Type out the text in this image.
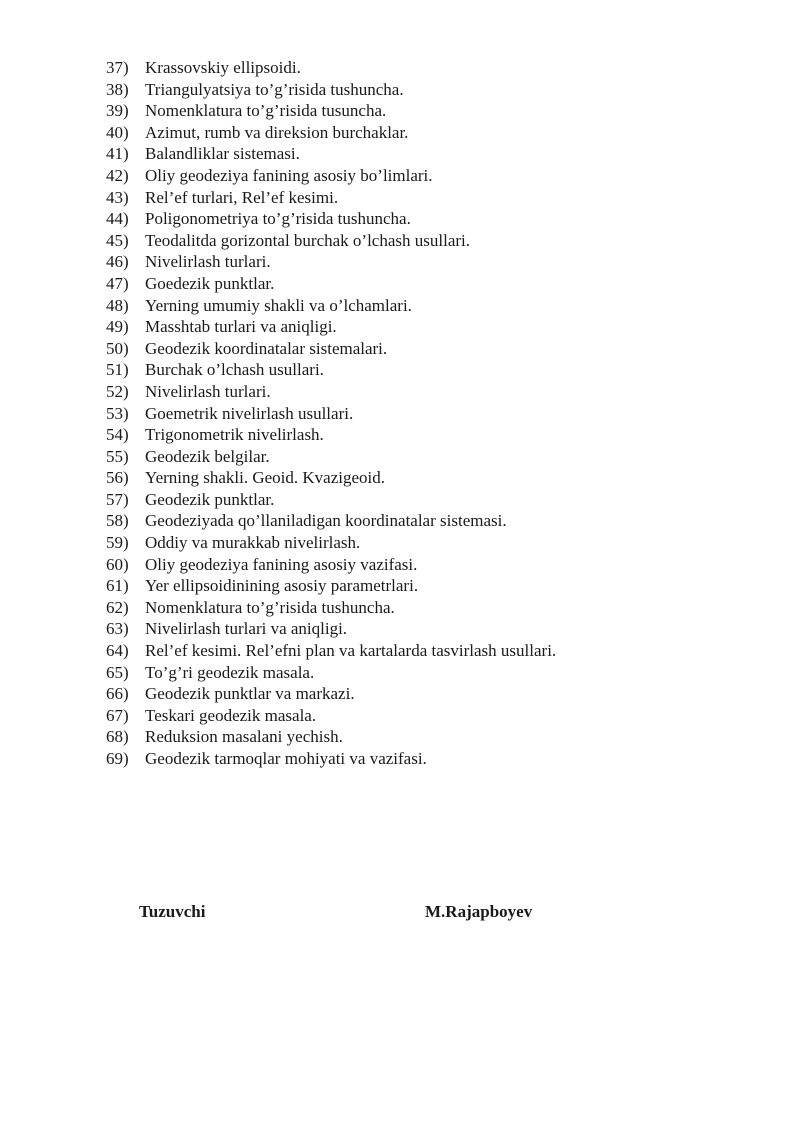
37) Krassovskiy ellipsoidi.
38) Triangulyatsiya to’g’risida tushuncha.
39) Nomenklatura to’g’risida tusuncha.
40) Azimut, rumb va direksion burchaklar.
41) Balandliklar sistemasi.
42) Oliy geodeziya fanining asosiy bo’limlari.
43) Rel’ef turlari, Rel’ef kesimi.
44) Poligonometriya to’g’risida tushuncha.
45) Teodalitda gorizontal burchak o’lchash usullari.
46) Nivelirlash turlari.
47) Goedezik punktlar.
48) Yerning umumiy shakli va o’lchamlari.
49) Masshtab turlari va aniqligi.
50) Geodezik koordinatalar sistemalari.
51) Burchak o’lchash usullari.
52) Nivelirlash turlari.
53) Goemetrik nivelirlash usullari.
54) Trigonometrik nivelirlash.
55) Geodezik belgilar.
56) Yerning shakli. Geoid. Kvazigeoid.
57) Geodezik punktlar.
58) Geodeziyada qo’llaniladigan koordinatalar sistemasi.
59) Oddiy va murakkab nivelirlash.
60) Oliy geodeziya fanining asosiy vazifasi.
61) Yer ellipsoidinining asosiy parametrlari.
62) Nomenklatura to’g’risida tushuncha.
63) Nivelirlash turlari va aniqligi.
64) Rel’ef kesimi. Rel’efni plan va kartalarda tasvirlash usullari.
65) To’g’ri geodezik masala.
66) Geodezik punktlar va markazi.
67) Teskari geodezik masala.
68) Reduksion masalani yechish.
69) Geodezik tarmoqlar mohiyati va vazifasi.
Tuzuvchi	M.Rajapboyev
